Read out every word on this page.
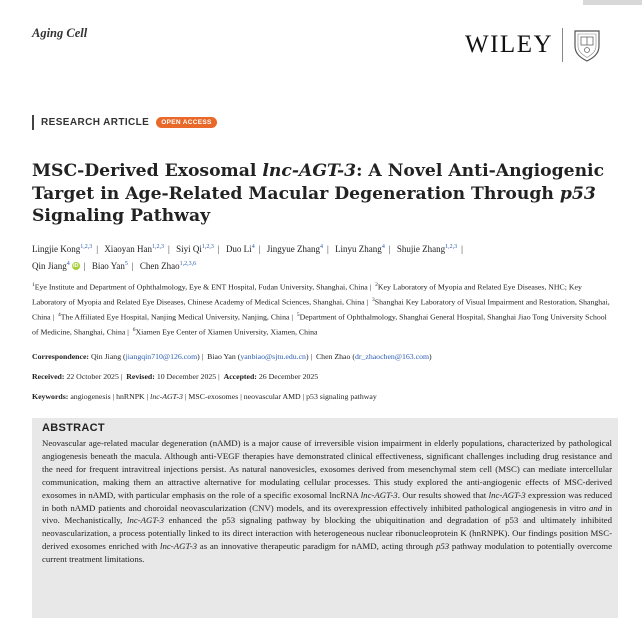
Aging Cell	WILEY
RESEARCH ARTICLE	OPEN ACCESS
MSC-Derived Exosomal lnc-AGT-3: A Novel Anti-Angiogenic Target in Age-Related Macular Degeneration Through p53 Signaling Pathway
Lingjie Kong$^{1,2,3}$ | Xiaoyan Han$^{1,2,3}$ | Siyi Qi$^{1,2,3}$ | Duo Li$^4$ | Jingyue Zhang$^4$ | Linyu Zhang$^4$ | Shujie Zhang$^{1,2,3}$ |
Qin Jiang$^4$ iD | Biao Yan$^5$ | Chen Zhao$^{1,2,3,6}$
$^1$Eye Institute and Department of Ophthalmology, Eye & ENT Hospital, Fudan University, Shanghai, China |  $^2$Key Laboratory of Myopia and Related Eye Diseases, NHC; Key Laboratory of Myopia and Related Eye Diseases, Chinese Academy of Medical Sciences, Shanghai, China |  $^3$Shanghai Key Laboratory of Visual Impairment and Restoration, Shanghai, China |  $^4$The Affiliated Eye Hospital, Nanjing Medical University, Nanjing, China |  $^5$Department of Ophthalmology, Shanghai General Hospital, Shanghai Jiao Tong University School of Medicine, Shanghai, China |  $^6$Xiamen Eye Center of Xiamen University, Xiamen, China
Correspondence: Qin Jiang (jiangqin710@126.com) |  Biao Yan (yanbiao@sjtu.edu.cn) |  Chen Zhao (dr_zhaochen@163.com)
Received: 22 October 2025 |  Revised: 10 December 2025 |  Accepted: 26 December 2025
Keywords: angiogenesis | hnRNPK | lnc-AGT-3 | MSC-exosomes | neovascular AMD | p53 signaling pathway
ABSTRACT
Neovascular age-related macular degeneration (nAMD) is a major cause of irreversible vision impairment in elderly populations, characterized by pathological angiogenesis beneath the macula. Although anti-VEGF therapies have demonstrated clinical effectiveness, significant challenges including drug resistance and the need for frequent intravitreal injections persist. As natural nanovesicles, exosomes derived from mesenchymal stem cell (MSC) can mediate intercellular communication, making them an attractive alternative for modulating cellular processes. This study explored the anti-angiogenic effects of MSC-derived exosomes in nAMD, with particular emphasis on the role of a specific exosomal lncRNA lnc-AGT-3. Our results showed that lnc-AGT-3 expression was reduced in both nAMD patients and choroidal neovascularization (CNV) models, and its overexpression effectively inhibited pathological angiogenesis in vitro and in vivo. Mechanistically, lnc-AGT-3 enhanced the p53 signaling pathway by blocking the ubiquitination and degradation of p53 and ultimately inhibited neovascularization, a process potentially linked to its direct interaction with heterogeneous nuclear ribonucleoprotein K (hnRNPK). Our findings position MSC-derived exosomes enriched with lnc-AGT-3 as an innovative therapeutic paradigm for nAMD, acting through p53 pathway modulation to potentially overcome current treatment limitations.
